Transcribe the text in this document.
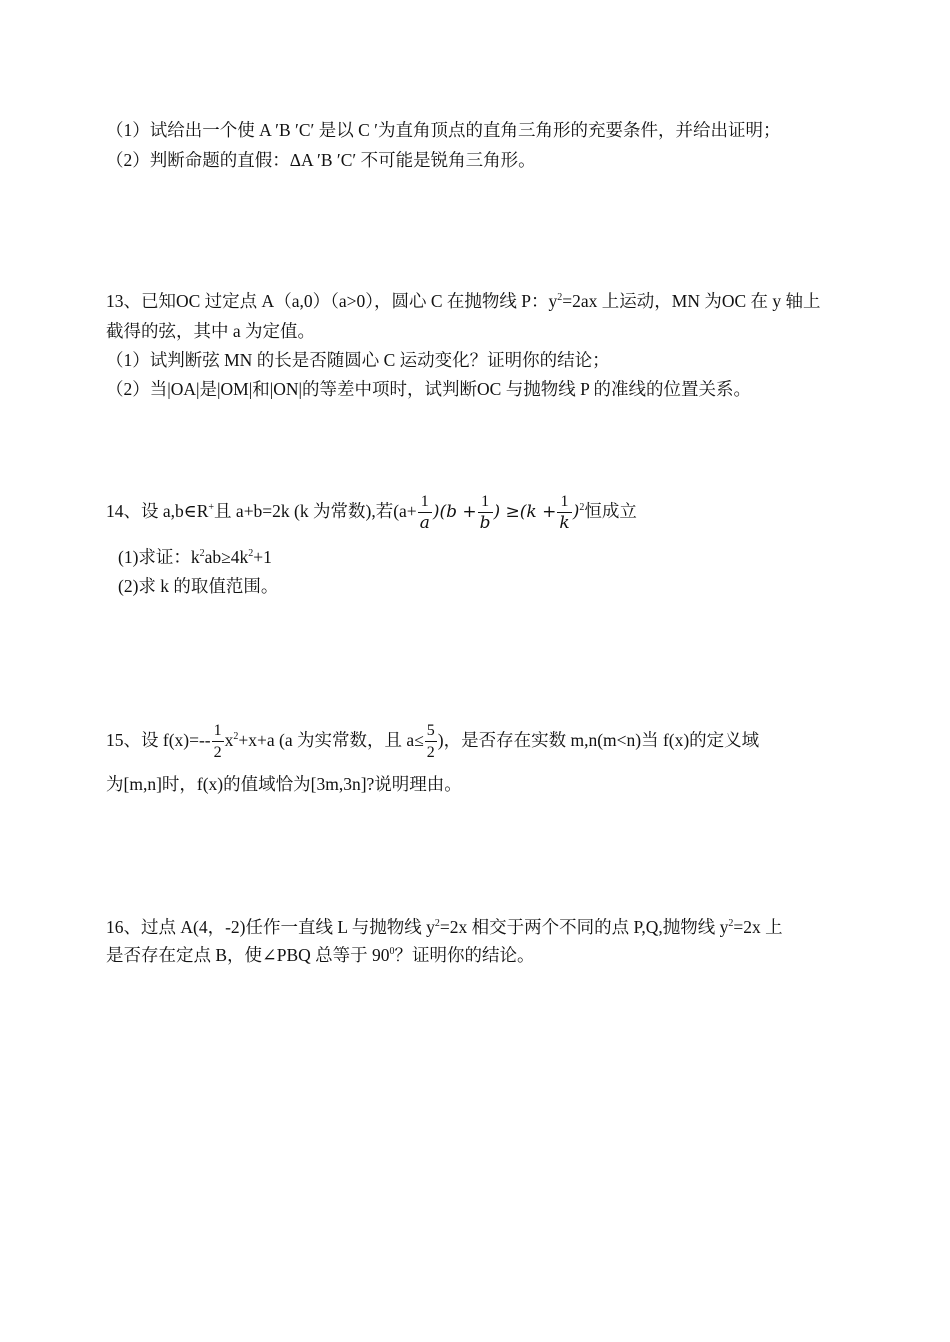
（1）试给出一个使 A ′B ′C′ 是以 C ′为直角顶点的直角三角形的充要条件，并给出证明；
（2）判断命题的直假：ΔA ′B ′C′ 不可能是锐角三角形。
13、已知OC 过定点 A（a,0）（a>0），圆心 C 在抛物线 P：$y^2=2ax$ 上运动，MN 为OC 在 y 轴上
截得的弦，其中 a 为定值。
（1）试判断弦 MN 的长是否随圆心 C 运动变化？证明你的结论；
（2）当|OA|是|OM|和|ON|的等差中项时，试判断OC 与抛物线 P 的准线的位置关系。
14、设 a,b∈R+且 a+b=2k (k 为常数),若$(a+ \frac{1}{a} )(b + \frac{1}{b}$ ) $\ge(k + \frac{1}{k} )^2$恒成立
(1)求证：$k^2ab\ge 4k^2+1$
(2)求 k 的取值范围。
15、设 $f(x)=-- \frac{1}{2} x^2+x+a$ (a 为实常数，且 $a\le \frac{5}{2}$ )，是否存在实数 m,n(m<n)当 f(x)的定义域
为[m,n]时，f(x)的值域恰为[3m,3n]?说明理由。
16、过点 A(4，-2)任作一直线 L 与抛物线 $y^2=2x$ 相交于两个不同的点 P,Q,抛物线 $y^2=2x$ 上
是否存在定点 B，使∠PBQ 总等于 $90^0$？证明你的结论。
